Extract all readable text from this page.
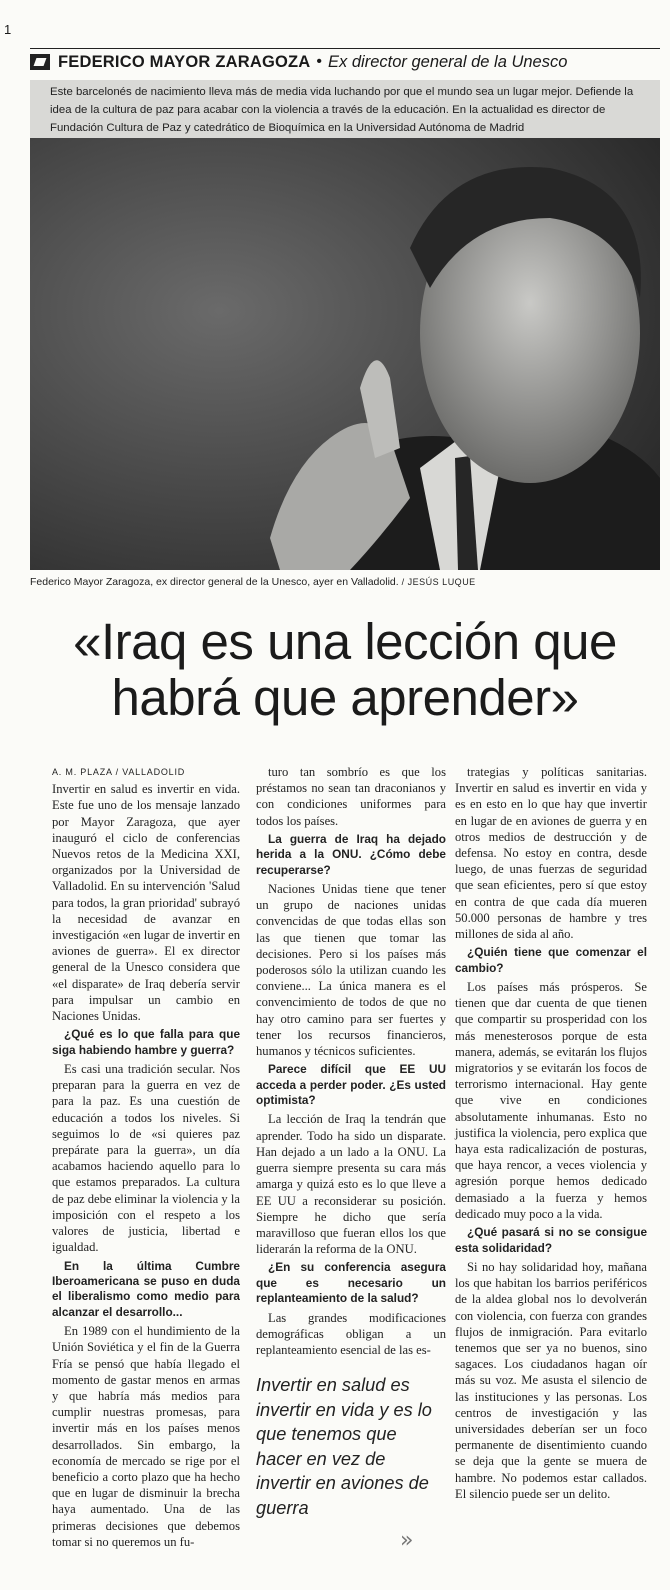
1
FEDERICO MAYOR ZARAGOZA • Ex director general de la Unesco
Este barcelonés de nacimiento lleva más de media vida luchando por que el mundo sea un lugar mejor. Defiende la idea de la cultura de paz para acabar con la violencia a través de la educación. En la actualidad es director de Fundación Cultura de Paz y catedrático de Bioquímica en la Universidad Autónoma de Madrid
Federico Mayor Zaragoza, ex director general de la Unesco, ayer en Valladolid. / JESÚS LUQUE
«Iraq es una lección que habrá que aprender»
A. M. PLAZA / VALLADOLID

Invertir en salud es invertir en vida. Este fue uno de los mensaje lanzado por Mayor Zaragoza, que ayer inauguró el ciclo de conferencias Nuevos retos de la Medicina XXI, organizados por la Universidad de Valladolid. En su intervención 'Salud para todos, la gran prioridad' subrayó la necesidad de avanzar en investigación «en lugar de invertir en aviones de guerra». El ex director general de la Unesco considera que «el disparate» de Iraq debería servir para impulsar un cambio en Naciones Unidas.

¿Qué es lo que falla para que siga habiendo hambre y guerra?

Es casi una tradición secular. Nos preparan para la guerra en vez de para la paz. Es una cuestión de educación a todos los niveles. Si seguimos lo de «si quieres paz prepárate para la guerra», un día acabamos haciendo aquello para lo que estamos preparados. La cultura de paz debe eliminar la violencia y la imposición con el respeto a los valores de justicia, libertad e igualdad.

En la última Cumbre Iberoamericana se puso en duda el liberalismo como medio para alcanzar el desarrollo...

En 1989 con el hundimiento de la Unión Soviética y el fin de la Guerra Fría se pensó que había llegado el momento de gastar menos en armas y que habría más medios para cumplir nuestras promesas, para invertir más en los países menos desarrollados. Sin embargo, la economía de mercado se rige por el beneficio a corto plazo que ha hecho que en lugar de disminuir la brecha haya aumentado. Una de las primeras decisiones que debemos tomar si no queremos un fu-

turo tan sombrío es que los préstamos no sean tan draconianos y con condiciones uniformes para todos los países.

La guerra de Iraq ha dejado herida a la ONU. ¿Cómo debe recuperarse?

Naciones Unidas tiene que tener un grupo de naciones unidas convencidas de que todas ellas son las que tienen que tomar las decisiones. Pero si los países más poderosos sólo la utilizan cuando les conviene... La única manera es el convencimiento de todos de que no hay otro camino para ser fuertes y tener los recursos financieros, humanos y técnicos suficientes.

Parece difícil que EE UU acceda a perder poder. ¿Es usted optimista?

La lección de Iraq la tendrán que aprender. Todo ha sido un disparate. Han dejado a un lado a la ONU. La guerra siempre presenta su cara más amarga y quizá esto es lo que lleve a EE UU a reconsiderar su posición. Siempre he dicho que sería maravilloso que fueran ellos los que liderarán la reforma de la ONU.

¿En su conferencia asegura que es necesario un replanteamiento de la salud?

Las grandes modificaciones demográficas obligan a un replanteamiento esencial de las es-

trategias y políticas sanitarias. Invertir en salud es invertir en vida y es en esto en lo que hay que invertir en lugar de en aviones de guerra y en otros medios de destrucción y de defensa. No estoy en contra, desde luego, de unas fuerzas de seguridad que sean eficientes, pero sí que estoy en contra de que cada día mueren 50.000 personas de hambre y tres millones de sida al año.

¿Quién tiene que comenzar el cambio?

Los países más prósperos. Se tienen que dar cuenta de que tienen que compartir su prosperidad con los más menesterosos porque de esta manera, además, se evitarán los flujos migratorios y se evitarán los focos de terrorismo internacional. Hay gente que vive en condiciones absolutamente inhumanas. Esto no justifica la violencia, pero explica que haya esta radicalización de posturas, que haya rencor, a veces violencia y agresión porque hemos dedicado demasiado a la fuerza y hemos dedicado muy poco a la vida.

¿Qué pasará si no se consigue esta solidaridad?

Si no hay solidaridad hoy, mañana los que habitan los barrios periféricos de la aldea global nos lo devolverán con violencia, con fuerza con grandes flujos de inmigración. Para evitarlo tenemos que ser ya no buenos, sino sagaces. Los ciudadanos hagan oír más su voz. Me asusta el silencio de las instituciones y las personas. Los centros de investigación y las universidades deberían ser un foco permanente de disentimiento cuando se deja que la gente se muera de hambre. No podemos estar callados. El silencio puede ser un delito.

Invertir en salud es invertir en vida y es lo que tenemos que hacer en vez de invertir en aviones de guerra
»
